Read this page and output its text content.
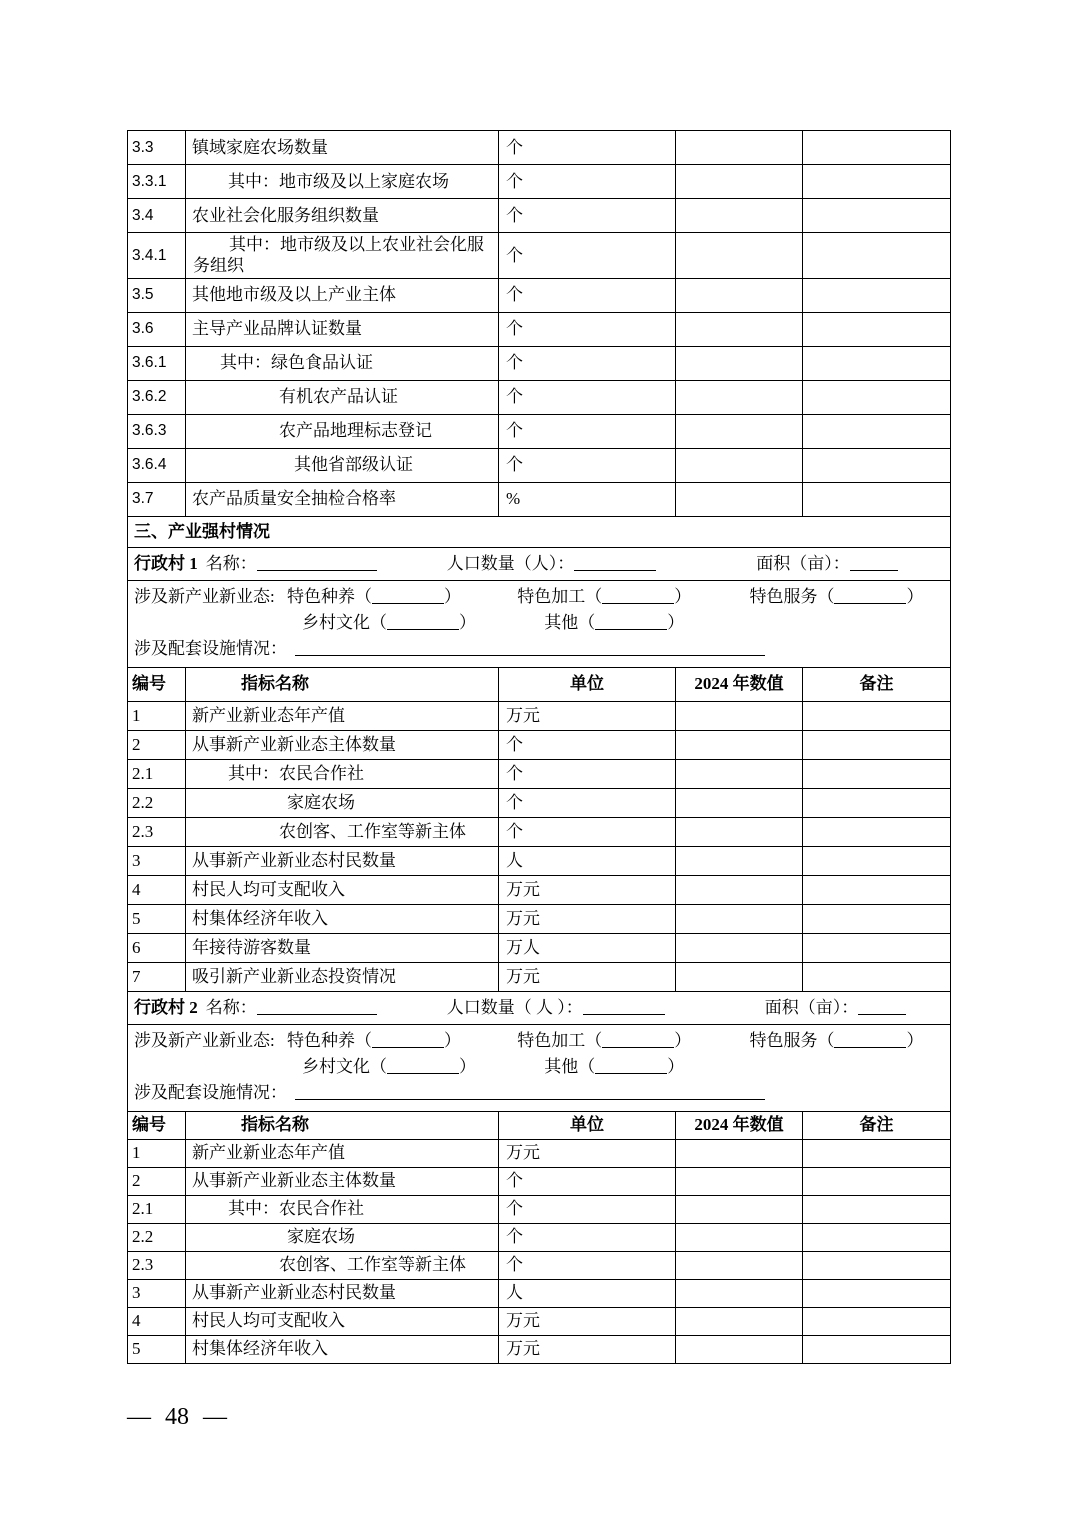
3.3	镇域家庭农场数量	个		
3.3.1	其中：地市级及以上家庭农场	个		
3.4	农业社会化服务组织数量	个		
3.4.1	其中：地市级及以上农业社会化服务组织	个		
3.5	其他地市级及以上产业主体	个		
3.6	主导产业品牌认证数量	个		
3.6.1	其中：绿色食品认证	个		
3.6.2	有机农产品认证	个		
3.6.3	农产品地理标志登记	个		
3.6.4	其他省部级认证	个		
3.7	农产品质量安全抽检合格率	%		
三、产业强村情况				
行政村 1 名称： 人口数量（人）： 面积（亩）：				

涉及新产业新业态: 特色种养（ ） 特色加工（ ） 特色服务（ ）
乡村文化（ ） 其他（ ）
涉及配套设施情况：				

编号	指标名称	单位	2024 年数值	备注
1	新产业新业态年产值	万元		
2	从事新产业新业态主体数量	个		
2.1	其中：农民合作社	个		
2.2	家庭农场	个		
2.3	农创客、工作室等新主体	个		
3	从事新产业新业态村民数量	人		
4	村民人均可支配收入	万元		
5	村集体经济年收入	万元		
6	年接待游客数量	万人		
7	吸引新产业新业态投资情况	万元		
行政村 2 名称： 人口数量（ 人 ）： 面积（亩）：				

涉及新产业新业态: 特色种养（ ） 特色加工（ ） 特色服务（ ）
乡村文化（ ） 其他（ ）
涉及配套设施情况：				

编号	指标名称	单位	2024 年数值	备注
1	新产业新业态年产值	万元		
2	从事新产业新业态主体数量	个		
2.1	其中：农民合作社	个		
2.2	家庭农场	个		
2.3	农创客、工作室等新主体	个		
3	从事新产业新业态村民数量	人		
4	村民人均可支配收入	万元		
5	村集体经济年收入	万元		
— 48 —
